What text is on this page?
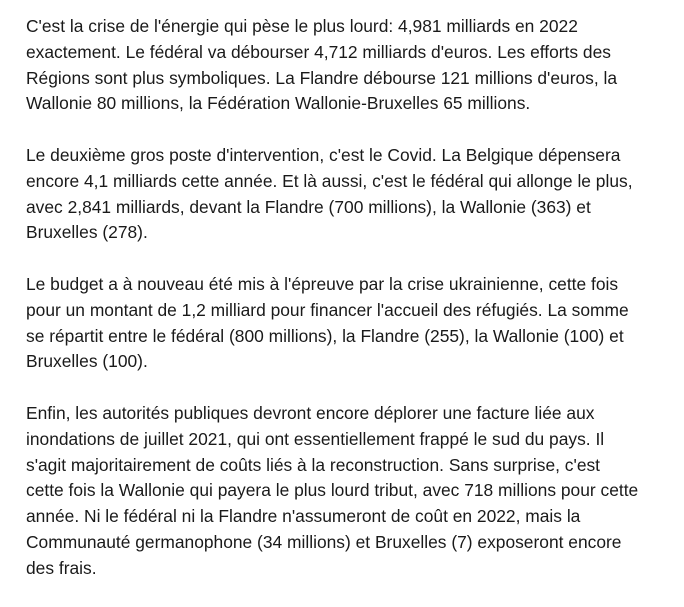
C'est la crise de l'énergie qui pèse le plus lourd: 4,981 milliards en 2022
exactement. Le fédéral va débourser 4,712 milliards d'euros. Les efforts des
Régions sont plus symboliques. La Flandre débourse 121 millions d'euros, la
Wallonie 80 millions, la Fédération Wallonie-Bruxelles 65 millions.

Le deuxième gros poste d'intervention, c'est le Covid. La Belgique dépensera
encore 4,1 milliards cette année. Et là aussi, c'est le fédéral qui allonge le plus,
avec 2,841 milliards, devant la Flandre (700 millions), la Wallonie (363) et
Bruxelles (278).

Le budget a à nouveau été mis à l'épreuve par la crise ukrainienne, cette fois
pour un montant de 1,2 milliard pour financer l'accueil des réfugiés. La somme
se répartit entre le fédéral (800 millions), la Flandre (255), la Wallonie (100) et
Bruxelles (100).

Enfin, les autorités publiques devront encore déplorer une facture liée aux
inondations de juillet 2021, qui ont essentiellement frappé le sud du pays. Il
s'agit majoritairement de coûts liés à la reconstruction. Sans surprise, c'est
cette fois la Wallonie qui payera le plus lourd tribut, avec 718 millions pour cette
année. Ni le fédéral ni la Flandre n'assumeront de coût en 2022, mais la
Communauté germanophone (34 millions) et Bruxelles (7) exposeront encore
des frais.
